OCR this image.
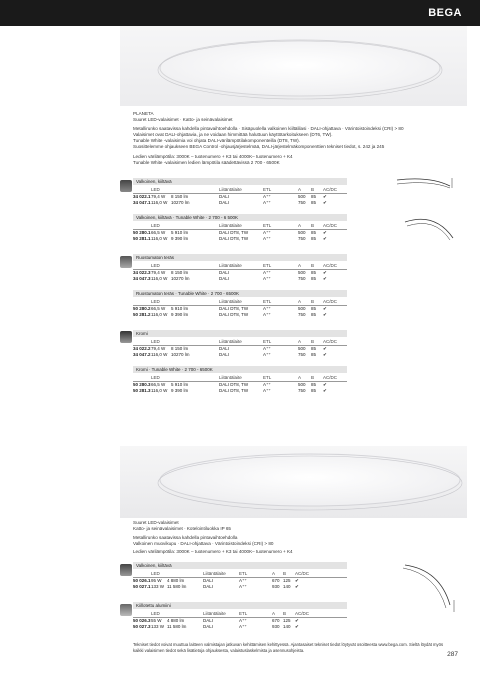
BEGA
PLANETA
Suuret LED-valaisimet · Katto- ja seinävalaisimet
Metallirunko saatavissa kahdella pintavaihtoehdolla · Sisäpuolella valkoinen kiiltälilasi · DALI-ohjattava · Värintoistoindeksi (CRI) > 80
Valaisimet ovat DALI-ohjattavia, ja ne voidaan himmittää haluttuun käyttötarkoitukseen (DT6, TW).
Tunable White -valaisimia voi ohjata DALI-värilämpötilakomponenteilla (DT8, TW).
Suosittelemme ohjaukseen BEGA Control -ohjausjärjestelmää, DALI-järjestelmäkomponenttien tekniset tiedot, s. 242 ja 245
Ledien värilämpötila: 3000K – tuotenumero + K3 tai 4000K– tuotenumero + K4
Tunable White -valaisimen ledien lämpötila säädettävissä 2 700 - 6500K
Valkoinen, kiiltävä
LED	Liitäntälaite	ETL	A B AC/DC
34 022.1 79,4 W 8 150 lm	DALI	A⁺⁺	500 85 ✔
34 047.1 116,0 W 10270 lm	DALI	A⁺⁺	750 85 ✔
Valkoinen, kiiltävä · Tunable White · 2 700 - 6 500K
LED	Liitäntälaite	ETL	A B AC/DC
50 280.1 66,5 W 5 910 lm	DALI DT8, TW	A⁺⁺	500 85 ✔
50 281.1 116,0 W 9 390 lm	DALI DT8, TW	A⁺⁺	750 85 ✔
Ruostumaton teräs
LED	Liitäntälaite	ETL	A B AC/DC
34 022.3 79,4 W 8 150 lm	DALI	A⁺⁺	500 85 ✔
34 047.3 116,0 W 10270 lm	DALI	A⁺⁺	750 85 ✔
Ruostumaton teräs · Tunable White · 2 700 - 6500K
LED	Liitäntälaite	ETL	A B AC/DC
50 280.2 66,5 W 5 910 lm	DALI DT8, TW	A⁺⁺	500 85 ✔
50 281.2 116,0 W 9 390 lm	DALI DT8, TW	A⁺⁺	750 85 ✔
Kromi
LED	Liitäntälaite	ETL	A B AC/DC
34 022.2 79,4 W 8 150 lm	DALI	A⁺⁺	500 85 ✔
34 047.2 116,0 W 10270 lm	DALI	A⁺⁺	750 85 ✔
Kromi · Tunable White · 2 700 - 6500K
LED	Liitäntälaite	ETL	A B AC/DC
50 280.3 66,5 W 5 910 lm	DALI DT8, TW	A⁺⁺	500 85 ✔
50 281.3 116,0 W 9 390 lm	DALI DT8, TW	A⁺⁺	750 85 ✔
Suuret LED-valaisimet
Katto- ja seinävalaisimet · Kotelointiluokka IP 65
Metallirunko saatavissa kahdella pintavaihtoehdolla
Valkoinen muovikupu · DALI-ohjattava · Värintoistoindeksi (CRI) > 80
Ledien värilämpötila: 3000K – tuotenumero + K3 tai 4000K– tuotenumero + K4
Valkoinen, kiiltävä
LED	Liitäntälaite	ETL	A B AC/DC
50 026.1 95 W 4 880 lm	DALI	A⁺⁺	670 125 ✔
50 027.1 133 W 11 580 lm	DALI	A⁺⁺	930 140 ✔
Kiillotettu alumiini
LED	Liitäntälaite	ETL	A B AC/DC
50 026.3 55 W 4 880 lm	DALI	A⁺⁺	670 125 ✔
50 027.3 133 W 11 580 lm	DALI	A⁺⁺	930 140 ✔
Tekniset tiedot voivat muuttua laitteen valmistajan jatkuvan kehittämisen kehittyessä. Ajantasaiset tekniset tiedot löytyvät osoitteesta www.bega.com. Sieltä löydät myös kaikki valaisimen tiedot sekä lisätietoja ohjauksesta, valaistuslaskelmista ja asennusohjeista.
287
